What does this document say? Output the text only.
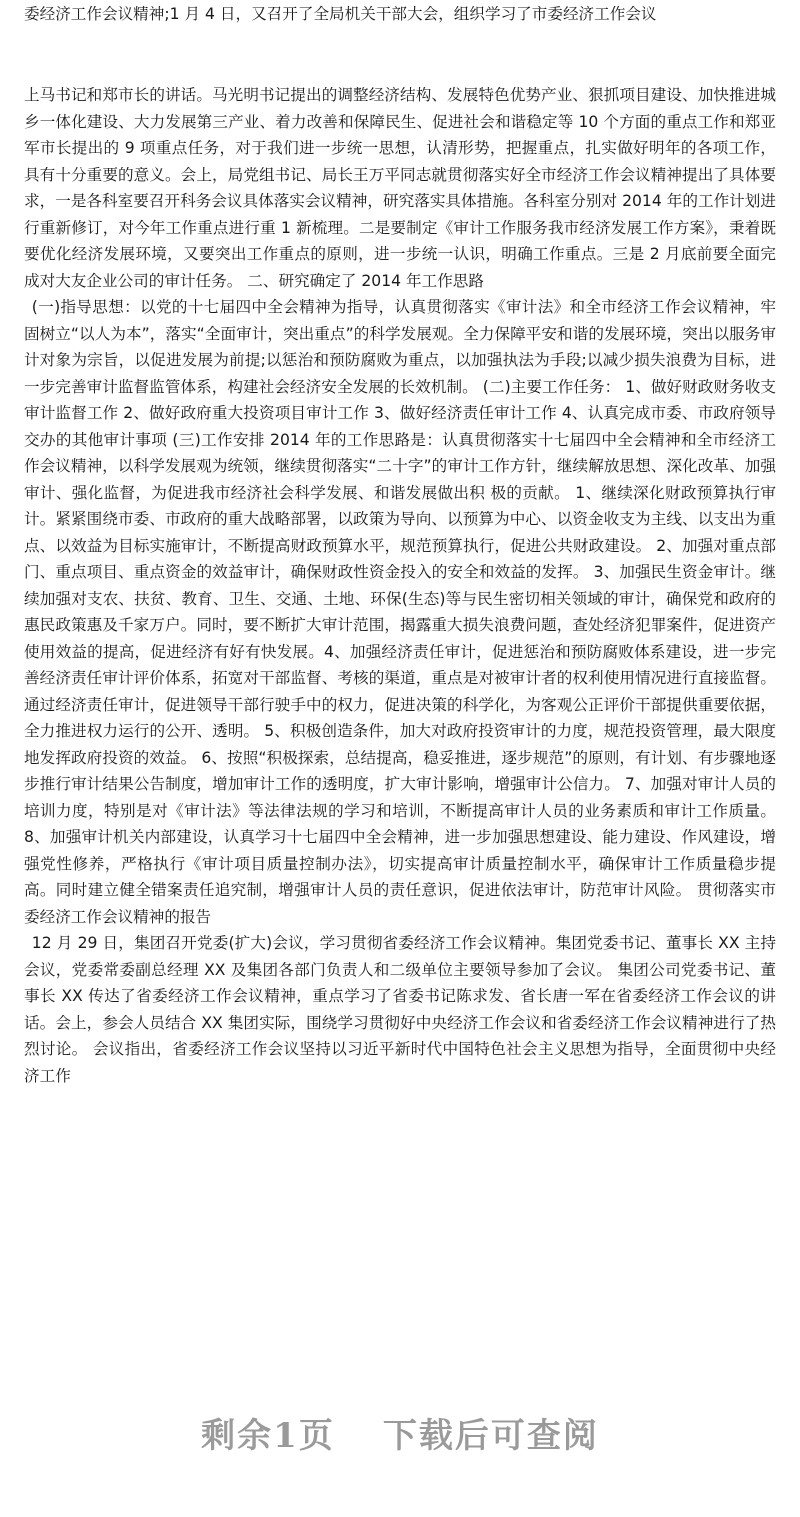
委经济工作会议精神;1 月 4 日，又召开了全局机关干部大会，组织学习了市委经济工作会议

上马书记和郑市长的讲话。马光明书记提出的调整经济结构、发展特色优势产业、狠抓项目建设、加快推进城乡一体化建设、大力发展第三产业、着力改善和保障民生、促进社会和谐稳定等 10 个方面的重点工作和郑亚军市长提出的 9 项重点任务，对于我们进一步统一思想，认清形势，把握重点，扎实做好明年的各项工作，具有十分重要的意义。会上，局党组书记、局长王万平同志就贯彻落实好全市经济工作会议精神提出了具体要求，一是各科室要召开科务会议具体落实会议精神，研究落实具体措施。各科室分别对 2014 年的工作计划进行重新修订，对今年工作重点进行重 1 新梳理。二是要制定《审计工作服务我市经济发展工作方案》，秉着既要优化经济发展环境，又要突出工作重点的原则，进一步统一认识，明确工作重点。三是 2 月底前要全面完成对大友企业公司的审计任务。 二、研究确定了 2014 年工作思路

(一)指导思想：以党的十七届四中全会精神为指导，认真贯彻落实《审计法》和全市经济工作会议精神，牢固树立“以人为本”，落实“全面审计，突出重点”的科学发展观。全力保障平安和谐的发展环境，突出以服务审计对象为宗旨，以促进发展为前提;以惩治和预防腐败为重点，以加强执法为手段;以减少损失浪费为目标，进一步完善审计监督监管体系，构建社会经济安全发展的长效机制。 (二)主要工作任务： 1、做好财政财务收支审计监督工作 2、做好政府重大投资项目审计工作 3、做好经济责任审计工作 4、认真完成市委、市政府领导交办的其他审计事项 (三)工作安排 2014 年的工作思路是：认真贯彻落实十七届四中全会精神和全市经济工作会议精神，以科学发展观为统领，继续贯彻落实“二十字”的审计工作方针，继续解放思想、深化改革、加强审计、强化监督，为促进我市经济社会科学发展、和谐发展做出积 极的贡献。 1、继续深化财政预算执行审计。紧紧围绕市委、市政府的重大战略部署，以政策为导向、以预算为中心、以资金收支为主线、以支出为重点、以效益为目标实施审计，不断提高财政预算水平，规范预算执行，促进公共财政建设。 2、加强对重点部门、重点项目、重点资金的效益审计，确保财政性资金投入的安全和效益的发挥。 3、加强民生资金审计。继续加强对支农、扶贫、教育、卫生、交通、土地、环保(生态)等与民生密切相关领域的审计，确保党和政府的惠民政策惠及千家万户。同时，要不断扩大审计范围，揭露重大损失浪费问题，查处经济犯罪案件，促进资产使用效益的提高，促进经济有好有快发展。4、加强经济责任审计，促进惩治和预防腐败体系建设，进一步完善经济责任审计评价体系，拓宽对干部监督、考核的渠道，重点是对被审计者的权利使用情况进行直接监督。通过经济责任审计，促进领导干部行驶手中的权力，促进决策的科学化，为客观公正评价干部提供重要依据，全力推进权力运行的公开、透明。 5、积极创造条件，加大对政府投资审计的力度，规范投资管理，最大限度地发挥政府投资的效益。 6、按照“积极探索，总结提高，稳妥推进，逐步规范”的原则，有计划、有步骤地逐步推行审计结果公告制度，增加审计工作的透明度，扩大审计影响，增强审计公信力。 7、加强对审计人员的培训力度，特别是对《审计法》等法律法规的学习和培训，不断提高审计人员的业务素质和审计工作质量。 8、加强审计机关内部建设，认真学习十七届四中全会精神，进一步加强思想建设、能力建设、作风建设，增强党性修养，严格执行《审计项目质量控制办法》，切实提高审计质量控制水平，确保审计工作质量稳步提高。同时建立健全错案责任追究制，增强审计人员的责任意识，促进依法审计，防范审计风险。 贯彻落实市委经济工作会议精神的报告

12 月 29 日，集团召开党委(扩大)会议，学习贯彻省委经济工作会议精神。集团党委书记、董事长 XX 主持会议，党委常委副总经理 XX 及集团各部门负责人和二级单位主要领导参加了会议。 集团公司党委书记、董事长 XX 传达了省委经济工作会议精神，重点学习了省委书记陈求发、省长唐一军在省委经济工作会议的讲话。会上，参会人员结合 XX 集团实际，围绕学习贯彻好中央经济工作会议和省委经济工作会议精神进行了热烈讨论。 会议指出，省委经济工作会议坚持以习近平新时代中国特色社会主义思想为指导，全面贯彻中央经济工作

剩余1页 下载后可查阅
